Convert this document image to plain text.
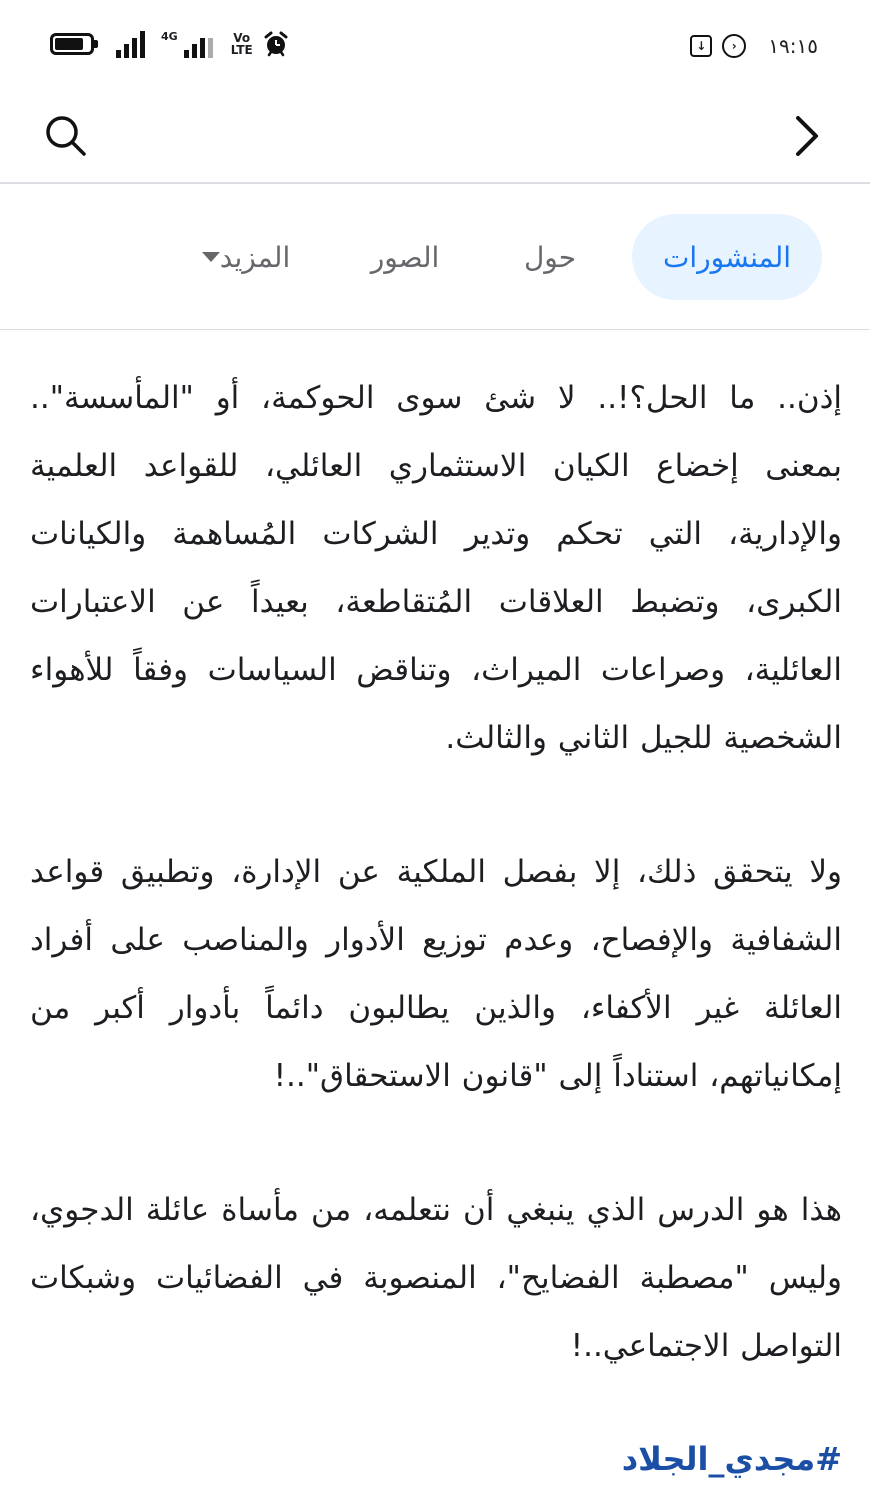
4G	Vo
LTE	↓	›	١٩:١٥
المنشورات
حول
الصور
المزيد

إذن.. ما الحل؟!.. لا شئ سوى الحوكمة، أو "المأسسة".. بمعنى إخضاع الكيان الاستثماري العائلي، للقواعد العلمية والإدارية، التي تحكم وتدير الشركات المُساهمة والكيانات الكبرى، وتضبط العلاقات المُتقاطعة، بعيداً عن الاعتبارات العائلية، وصراعات الميراث، وتناقض السياسات وفقاً للأهواء الشخصية للجيل الثاني والثالث.

ولا يتحقق ذلك، إلا بفصل الملكية عن الإدارة، وتطبيق قواعد الشفافية والإفصاح، وعدم توزيع الأدوار والمناصب على أفراد العائلة غير الأكفاء، والذين يطالبون دائماً بأدوار أكبر من إمكانياتهم، استناداً إلى "قانون الاستحقاق"..!

هذا هو الدرس الذي ينبغي أن نتعلمه، من مأساة عائلة الدجوي، وليس "مصطبة الفضايح"، المنصوبة في الفضائيات وشبكات التواصل الاجتماعي..!

#مجدي_الجلاد
